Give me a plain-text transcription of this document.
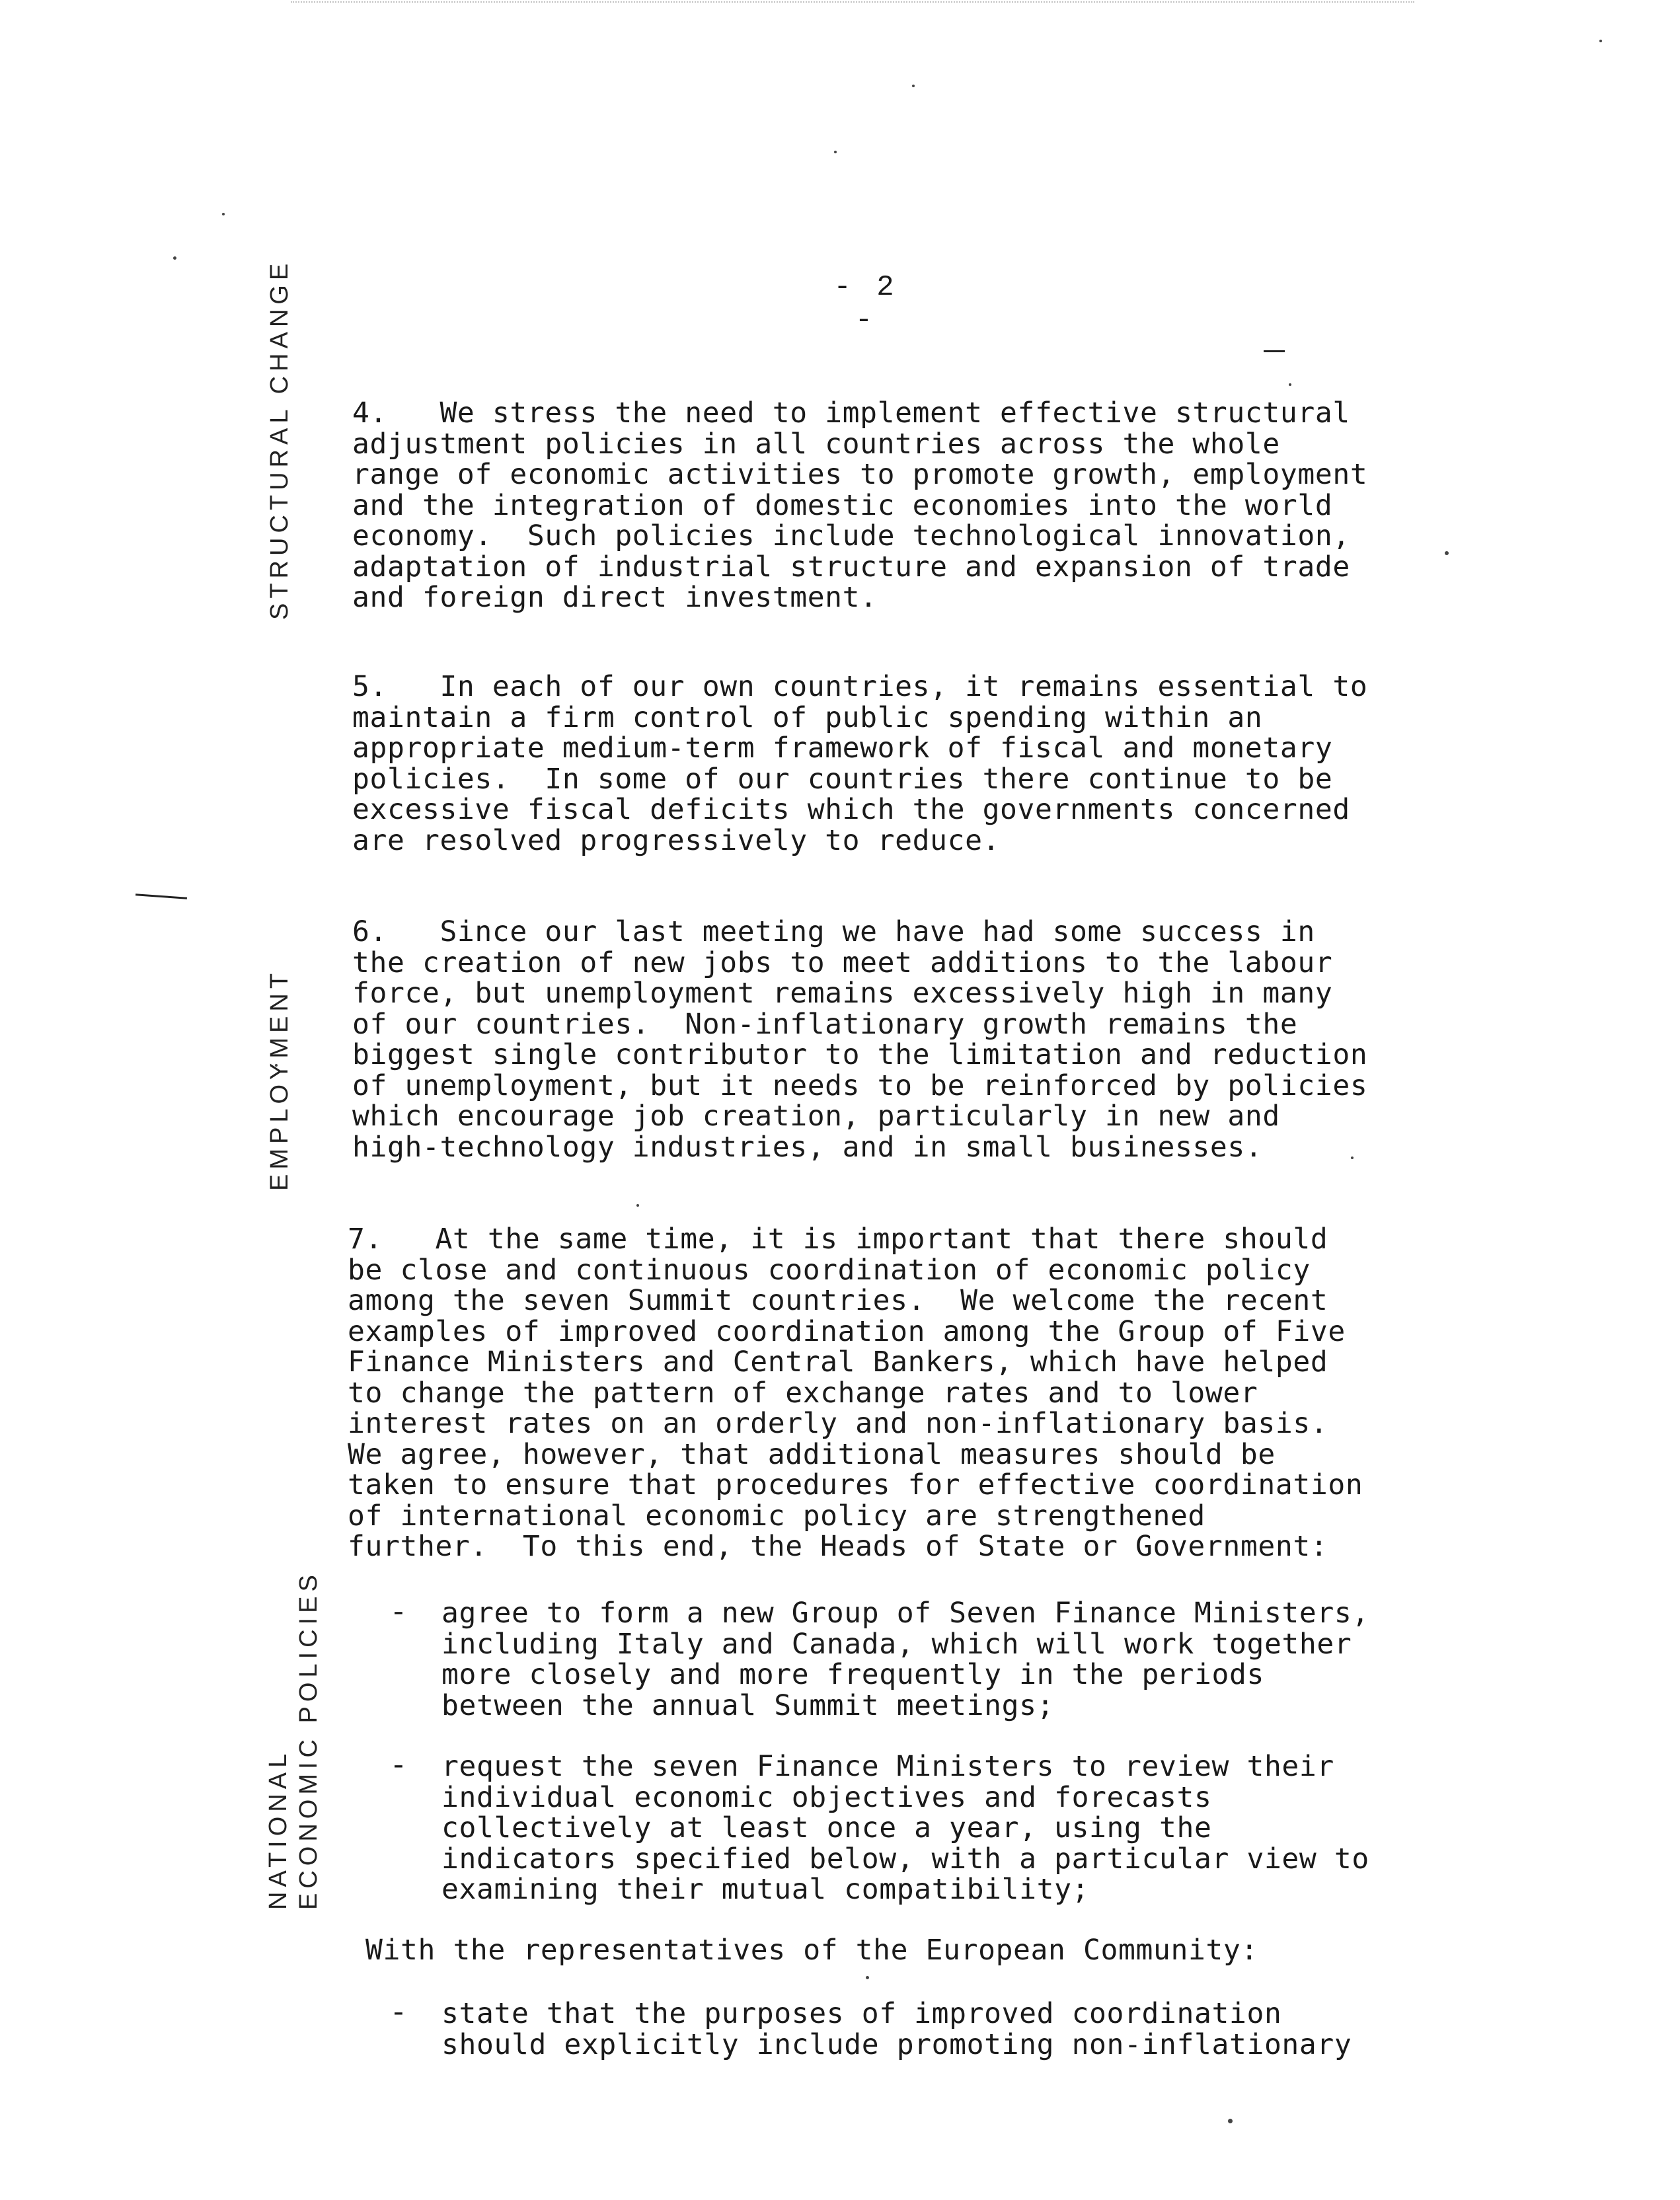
- 2 -
STRUCTURAL CHANGE
EMPLOYMENT
NATIONAL ECONOMIC POLICIES
4.   We stress the need to implement effective structural
adjustment policies in all countries across the whole
range of economic activities to promote growth, employment
and the integration of domestic economies into the world
economy.  Such policies include technological innovation,
adaptation of industrial structure and expansion of trade
and foreign direct investment.
5.   In each of our own countries, it remains essential to
maintain a firm control of public spending within an
appropriate medium-term framework of fiscal and monetary
policies.  In some of our countries there continue to be
excessive fiscal deficits which the governments concerned
are resolved progressively to reduce.
6.   Since our last meeting we have had some success in
the creation of new jobs to meet additions to the labour
force, but unemployment remains excessively high in many
of our countries.  Non-inflationary growth remains the
biggest single contributor to the limitation and reduction
of unemployment, but it needs to be reinforced by policies
which encourage job creation, particularly in new and
high-technology industries, and in small businesses.
7.   At the same time, it is important that there should
be close and continuous coordination of economic policy
among the seven Summit countries.  We welcome the recent
examples of improved coordination among the Group of Five
Finance Ministers and Central Bankers, which have helped
to change the pattern of exchange rates and to lower
interest rates on an orderly and non-inflationary basis.
We agree, however, that additional measures should be
taken to ensure that procedures for effective coordination
of international economic policy are strengthened
further.  To this end, the Heads of State or Government:
- agree to form a new Group of Seven Finance Ministers,
including Italy and Canada, which will work together
more closely and more frequently in the periods
between the annual Summit meetings;
- request the seven Finance Ministers to review their
individual economic objectives and forecasts
collectively at least once a year, using the
indicators specified below, with a particular view to
examining their mutual compatibility;
With the representatives of the European Community:
- state that the purposes of improved coordination
should explicitly include promoting non-inflationary
